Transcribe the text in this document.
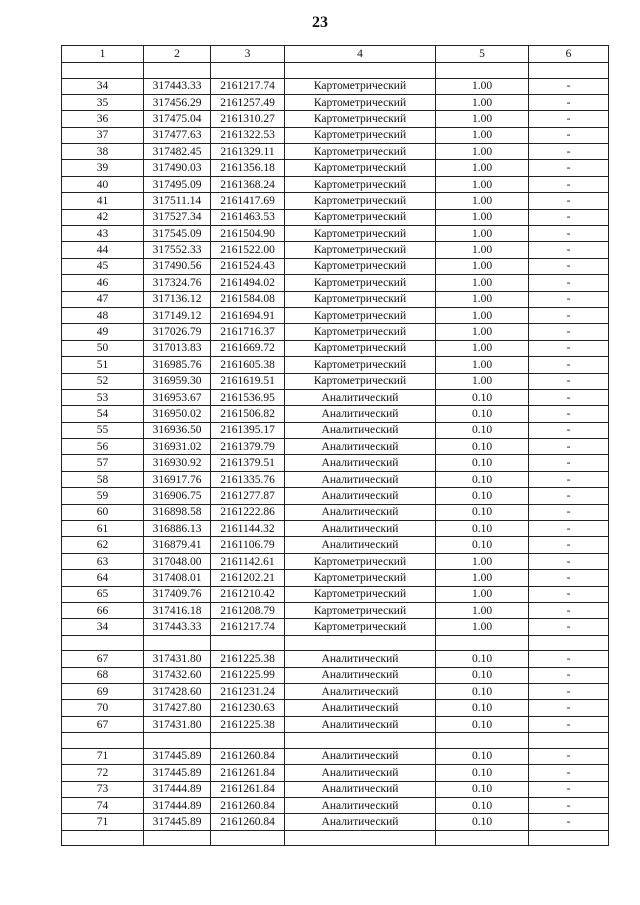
23
1	2	3	4	5	6

34	317443.33	2161217.74	Картометрический	1.00	-
35	317456.29	2161257.49	Картометрический	1.00	-
36	317475.04	2161310.27	Картометрический	1.00	-
37	317477.63	2161322.53	Картометрический	1.00	-
38	317482.45	2161329.11	Картометрический	1.00	-
39	317490.03	2161356.18	Картометрический	1.00	-
40	317495.09	2161368.24	Картометрический	1.00	-
41	317511.14	2161417.69	Картометрический	1.00	-
42	317527.34	2161463.53	Картометрический	1.00	-
43	317545.09	2161504.90	Картометрический	1.00	-
44	317552.33	2161522.00	Картометрический	1.00	-
45	317490.56	2161524.43	Картометрический	1.00	-
46	317324.76	2161494.02	Картометрический	1.00	-
47	317136.12	2161584.08	Картометрический	1.00	-
48	317149.12	2161694.91	Картометрический	1.00	-
49	317026.79	2161716.37	Картометрический	1.00	-
50	317013.83	2161669.72	Картометрический	1.00	-
51	316985.76	2161605.38	Картометрический	1.00	-
52	316959.30	2161619.51	Картометрический	1.00	-
53	316953.67	2161536.95	Аналитический	0.10	-
54	316950.02	2161506.82	Аналитический	0.10	-
55	316936.50	2161395.17	Аналитический	0.10	-
56	316931.02	2161379.79	Аналитический	0.10	-
57	316930.92	2161379.51	Аналитический	0.10	-
58	316917.76	2161335.76	Аналитический	0.10	-
59	316906.75	2161277.87	Аналитический	0.10	-
60	316898.58	2161222.86	Аналитический	0.10	-
61	316886.13	2161144.32	Аналитический	0.10	-
62	316879.41	2161106.79	Аналитический	0.10	-
63	317048.00	2161142.61	Картометрический	1.00	-
64	317408.01	2161202.21	Картометрический	1.00	-
65	317409.76	2161210.42	Картометрический	1.00	-
66	317416.18	2161208.79	Картометрический	1.00	-
34	317443.33	2161217.74	Картометрический	1.00	-

67	317431.80	2161225.38	Аналитический	0.10	-
68	317432.60	2161225.99	Аналитический	0.10	-
69	317428.60	2161231.24	Аналитический	0.10	-
70	317427.80	2161230.63	Аналитический	0.10	-
67	317431.80	2161225.38	Аналитический	0.10	-

71	317445.89	2161260.84	Аналитический	0.10	-
72	317445.89	2161261.84	Аналитический	0.10	-
73	317444.89	2161261.84	Аналитический	0.10	-
74	317444.89	2161260.84	Аналитический	0.10	-
71	317445.89	2161260.84	Аналитический	0.10	-
